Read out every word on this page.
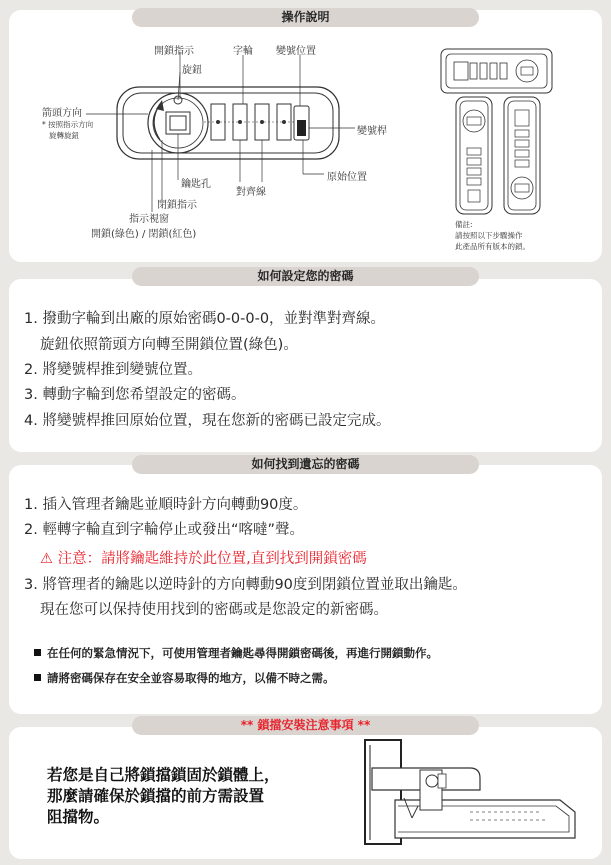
操作說明
開鎖指示
旋鈕
字輪 變號位置
箭頭方向
* 按照指示方向
旋轉旋鈕	變號桿
原始位置
鑰匙孔
對齊線
閉鎖指示
指示視窗
開鎖(綠色) / 閉鎖(紅色)
備註:
請按照以下步驟操作
此產品所有版本的鎖。
如何設定您的密碼
1. 撥動字輪到出廠的原始密碼0-0-0-0，並對準對齊線。
旋鈕依照箭頭方向轉至開鎖位置(綠色)。
2. 將變號桿推到變號位置。
3. 轉動字輪到您希望設定的密碼。
4. 將變號桿推回原始位置，現在您新的密碼已設定完成。
如何找到遺忘的密碼
1. 插入管理者鑰匙並順時針方向轉動90度。
2. 輕轉字輪直到字輪停止或發出“喀噠”聲。
⚠ 注意：請將鑰匙維持於此位置,直到找到開鎖密碼
3. 將管理者的鑰匙以逆時針的方向轉動90度到閉鎖位置並取出鑰匙。
現在您可以保持使用找到的密碼或是您設定的新密碼。
在任何的緊急情況下，可使用管理者鑰匙尋得開鎖密碼後，再進行開鎖動作。
請將密碼保存在安全並容易取得的地方，以備不時之需。
** 鎖擋安裝注意事項 **
若您是自己將鎖擋鎖固於鎖體上，
那麼請確保於鎖擋的前方需設置
阻擋物。
